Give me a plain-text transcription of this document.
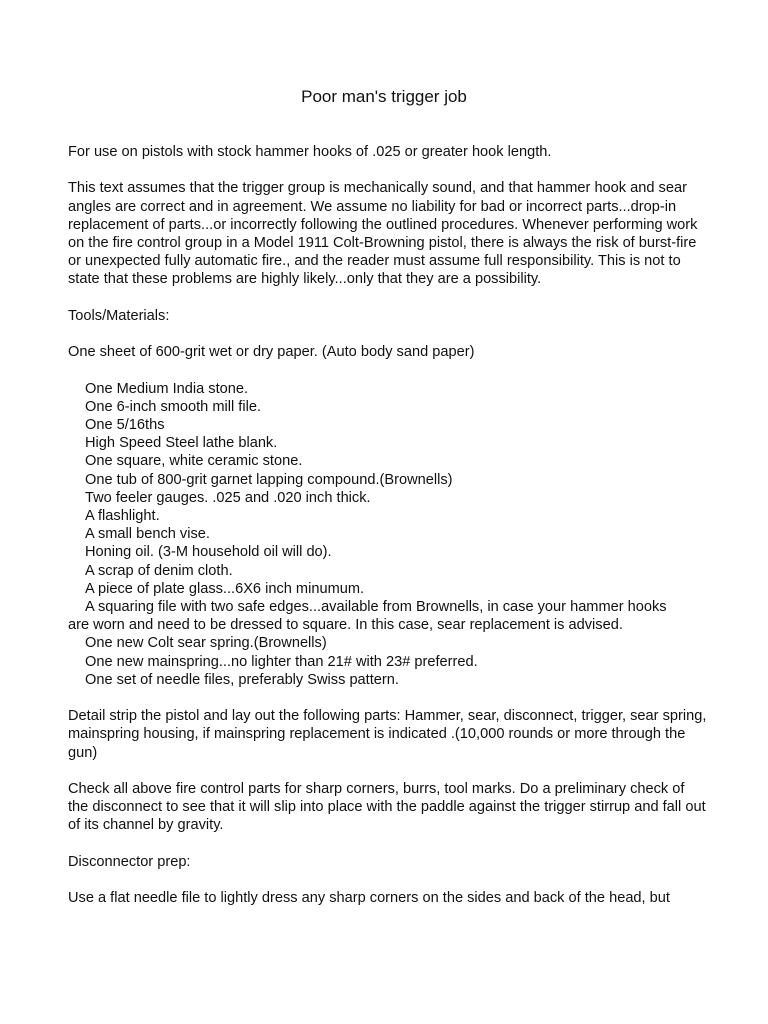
Poor man's trigger job

For use on pistols with stock hammer hooks of .025 or greater hook length.

This text assumes that the trigger group is mechanically sound, and that hammer hook and sear angles are correct and in agreement. We assume no liability for bad or incorrect parts...drop-in replacement of parts...or incorrectly following the outlined procedures. Whenever performing work on the fire control group in a Model 1911 Colt-Browning pistol, there is always the risk of burst-fire or unexpected fully automatic fire., and the reader must assume full responsibility. This is not to state that these problems are highly likely...only that they are a possibility.

Tools/Materials:

One sheet of 600-grit wet or dry paper. (Auto body sand paper)

One Medium India stone.
One 6-inch smooth mill file.
One 5/16ths
High Speed Steel lathe blank.
One square, white ceramic stone.
One tub of 800-grit garnet lapping compound.(Brownells)
Two feeler gauges. .025 and .020 inch thick.
A flashlight.
A small bench vise.
Honing oil. (3-M household oil will do).
A scrap of denim cloth.
A piece of plate glass...6X6 inch minumum.
A squaring file with two safe edges...available from Brownells, in case your hammer hooks
are worn and need to be dressed to square. In this case, sear replacement is advised.
One new Colt sear spring.(Brownells)
One new mainspring...no lighter than 21# with 23# preferred.
One set of needle files, preferably Swiss pattern.

Detail strip the pistol and lay out the following parts: Hammer, sear, disconnect, trigger, sear spring, mainspring housing, if mainspring replacement is indicated .(10,000 rounds or more through the gun)

Check all above fire control parts for sharp corners, burrs, tool marks. Do a preliminary check of the disconnect to see that it will slip into place with the paddle against the trigger stirrup and fall out of its channel by gravity.

Disconnector prep:

Use a flat needle file to lightly dress any sharp corners on the sides and back of the head, but
